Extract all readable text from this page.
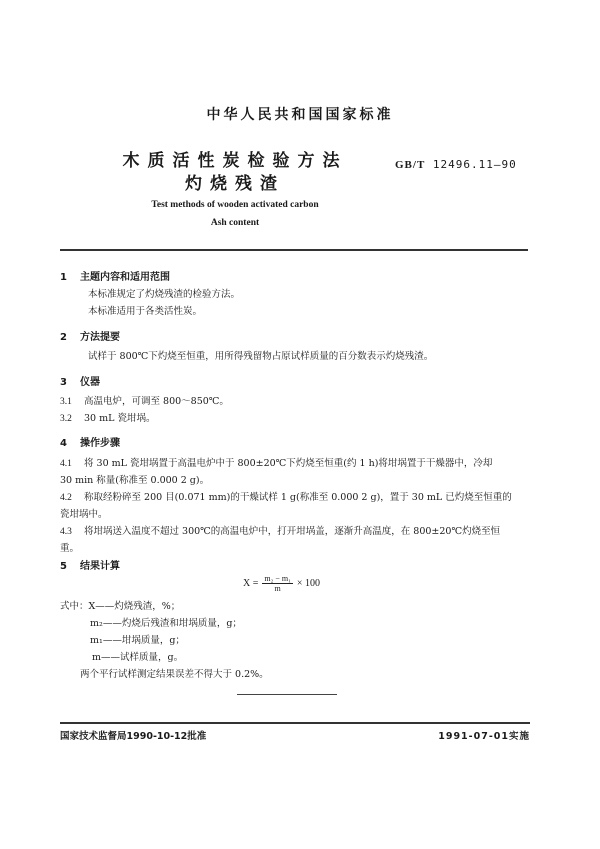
中华人民共和国国家标准
木质活性炭检验方法
灼烧残渣
GB/T 12496.11—90
Test methods of wooden activated carbon
Ash content
1 主题内容和适用范围
本标准规定了灼烧残渣的检验方法。
本标准适用于各类活性炭。
2 方法提要
试样于 800℃下灼烧至恒重，用所得残留物占原试样质量的百分数表示灼烧残渣。
3 仪器
3.1 高温电炉，可调至 800～850℃。
3.2 30 mL 瓷坩埚。
4 操作步骤
4.1 将 30 mL 瓷坩埚置于高温电炉中于 800±20℃下灼烧至恒重(约 1 h)将坩埚置于干燥器中，冷却
30 min 称量(称准至 0.000 2 g)。
4.2 称取经粉碎至 200 目(0.071 mm)的干燥试样 1 g(称准至 0.000 2 g)，置于 30 mL 已灼烧至恒重的
瓷坩埚中。
4.3 将坩埚送入温度不超过 300℃的高温电炉中，打开坩埚盖，逐渐升高温度，在 800±20℃灼烧至恒
重。
5 结果计算
$X = \frac{\text{m₂ − m₁}}{m} \times 100$
式中：X——灼烧残渣，%；
m₂——灼烧后残渣和坩埚质量，g；
m₁——坩埚质量，g；
m——试样质量，g。
两个平行试样测定结果误差不得大于 0.2%。
国家技术监督局1990-10-12批准	1991-07-01实施
